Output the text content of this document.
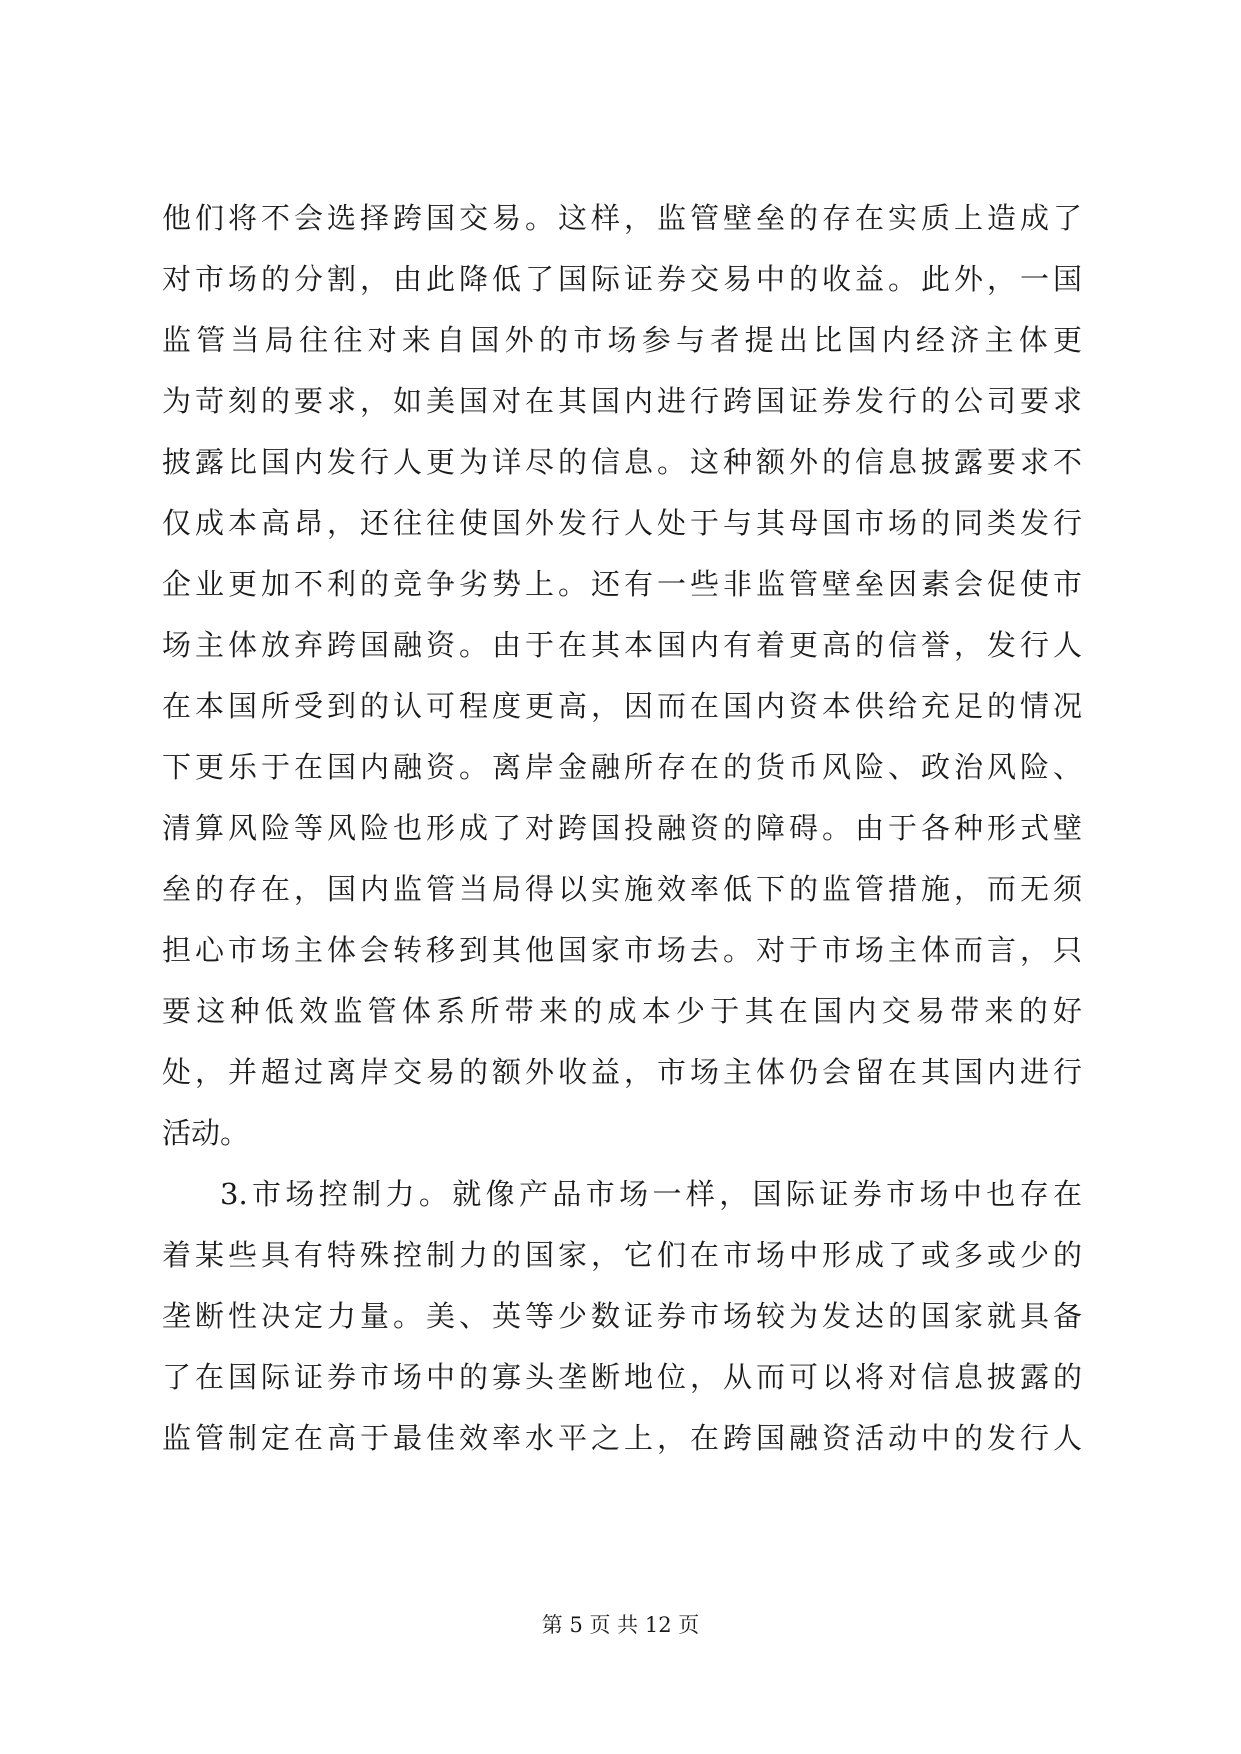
他们将不会选择跨国交易。这样，监管壁垒的存在实质上造成了
对市场的分割，由此降低了国际证券交易中的收益。此外，一国
监管当局往往对来自国外的市场参与者提出比国内经济主体更
为苛刻的要求，如美国对在其国内进行跨国证券发行的公司要求
披露比国内发行人更为详尽的信息。这种额外的信息披露要求不
仅成本高昂，还往往使国外发行人处于与其母国市场的同类发行
企业更加不利的竞争劣势上。还有一些非监管壁垒因素会促使市
场主体放弃跨国融资。由于在其本国内有着更高的信誉，发行人
在本国所受到的认可程度更高，因而在国内资本供给充足的情况
下更乐于在国内融资。离岸金融所存在的货币风险、政治风险、
清算风险等风险也形成了对跨国投融资的障碍。由于各种形式壁
垒的存在，国内监管当局得以实施效率低下的监管措施，而无须
担心市场主体会转移到其他国家市场去。对于市场主体而言，只
要这种低效监管体系所带来的成本少于其在国内交易带来的好
处，并超过离岸交易的额外收益，市场主体仍会留在其国内进行
活动。
3.市场控制力。就像产品市场一样，国际证券市场中也存在
着某些具有特殊控制力的国家，它们在市场中形成了或多或少的
垄断性决定力量。美、英等少数证券市场较为发达的国家就具备
了在国际证券市场中的寡头垄断地位，从而可以将对信息披露的
监管制定在高于最佳效率水平之上，在跨国融资活动中的发行人
第 5 页 共 12 页
